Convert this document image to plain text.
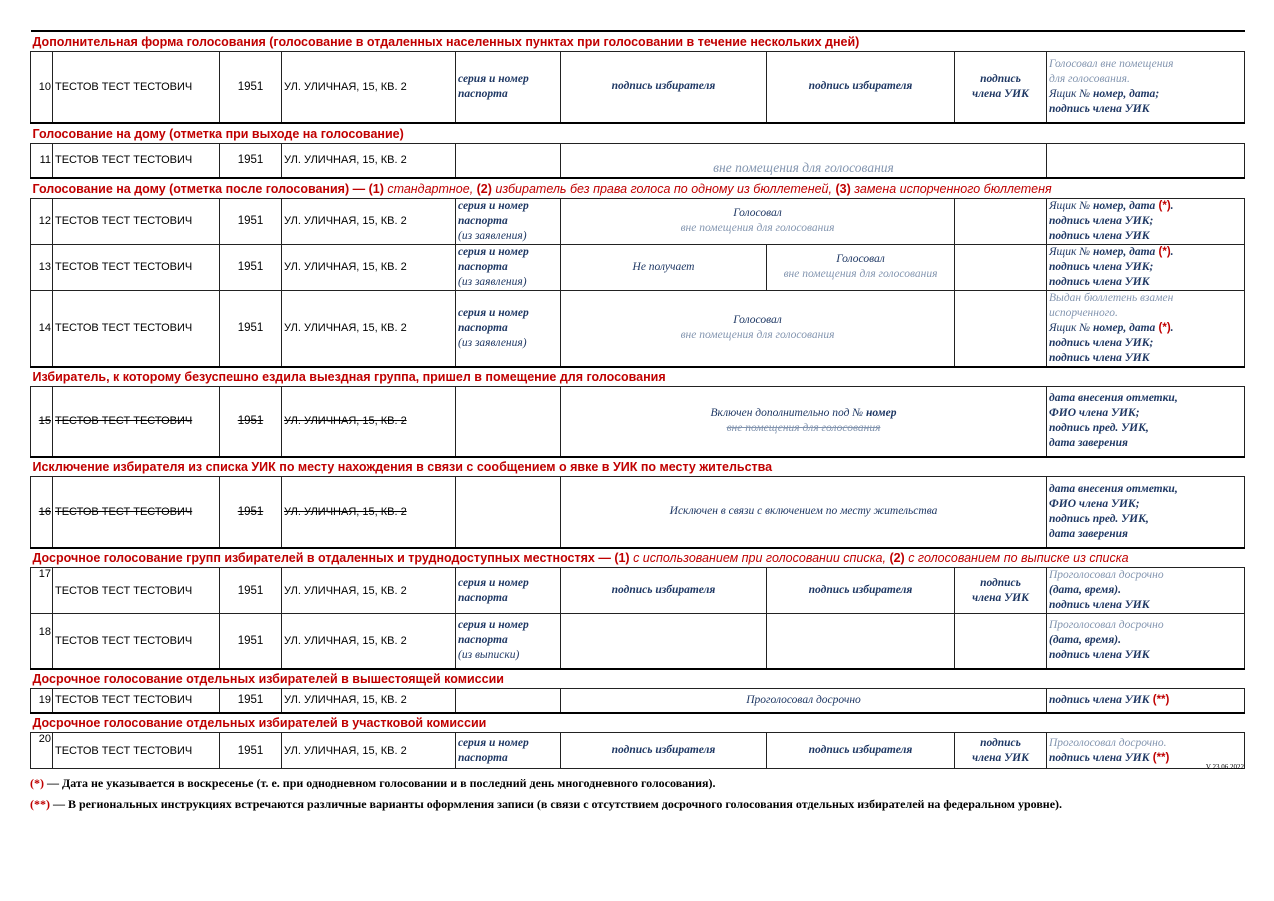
Дополнительная форма голосования (голосование в отдаленных населенных пунктах при голосовании в течение нескольких дней)								
10	ТЕСТОВ ТЕСТ ТЕСТОВИЧ	1951	УЛ. УЛИЧНАЯ, 15, КВ. 2	серия и номер
паспорта	подпись избирателя	подпись избирателя	подпись
члена УИК	Голосовал вне помещения
для голосования.
Ящик № номер, дата;
подпись члена УИК
Голосование на дому (отметка при выходе на голосование)								
11	ТЕСТОВ ТЕСТ ТЕСТОВИЧ	1951	УЛ. УЛИЧНАЯ, 15, КВ. 2		вне помещения для голосования			
Голосование на дому (отметка после голосования) — (1) стандартное, (2) избиратель без права голоса по одному из бюллетеней, (3) замена испорченного бюллетеня								
12	ТЕСТОВ ТЕСТ ТЕСТОВИЧ	1951	УЛ. УЛИЧНАЯ, 15, КВ. 2	серия и номер
паспорта
(из заявления)	Голосовал
вне помещения для голосования			Ящик № номер, дата (*).
подпись члена УИК;
подпись члена УИК
13	ТЕСТОВ ТЕСТ ТЕСТОВИЧ	1951	УЛ. УЛИЧНАЯ, 15, КВ. 2	серия и номер
паспорта
(из заявления)	Не получает	Голосовал
вне помещения для голосования		Ящик № номер, дата (*).
подпись члена УИК;
подпись члена УИК
14	ТЕСТОВ ТЕСТ ТЕСТОВИЧ	1951	УЛ. УЛИЧНАЯ, 15, КВ. 2	серия и номер
паспорта
(из заявления)	Голосовал
вне помещения для голосования			Выдан бюллетень взамен
испорченного.
Ящик № номер, дата (*).
подпись члена УИК;
подпись члена УИК
Избиратель, к которому безуспешно ездила выездная группа, пришел в помещение для голосования								
15	ТЕСТОВ ТЕСТ ТЕСТОВИЧ	1951	УЛ. УЛИЧНАЯ, 15, КВ. 2		Включен дополнительно под № номер
вне помещения для голосования			дата внесения отметки,
ФИО члена УИК;
подпись пред. УИК,
дата заверения
Исключение избирателя из списка УИК по месту нахождения в связи с сообщением о явке в УИК по месту жительства								
16	ТЕСТОВ ТЕСТ ТЕСТОВИЧ	1951	УЛ. УЛИЧНАЯ, 15, КВ. 2		Исключен в связи с включением по месту жительства			дата внесения отметки,
ФИО члена УИК;
подпись пред. УИК,
дата заверения
Досрочное голосование групп избирателей в отдаленных и труднодоступных местностях — (1) с использованием при голосовании списка, (2) с голосованием по выписке из списка								
17	ТЕСТОВ ТЕСТ ТЕСТОВИЧ	1951	УЛ. УЛИЧНАЯ, 15, КВ. 2	серия и номер
паспорта	подпись избирателя	подпись избирателя	подпись
члена УИК	Проголосовал досрочно
(дата, время).
подпись члена УИК
18	ТЕСТОВ ТЕСТ ТЕСТОВИЧ	1951	УЛ. УЛИЧНАЯ, 15, КВ. 2	серия и номер
паспорта
(из выписки)				Проголосовал досрочно
(дата, время).
подпись члена УИК
Досрочное голосование отдельных избирателей в вышестоящей комиссии								
19	ТЕСТОВ ТЕСТ ТЕСТОВИЧ	1951	УЛ. УЛИЧНАЯ, 15, КВ. 2		Проголосовал досрочно			подпись члена УИК (**)
Досрочное голосование отдельных избирателей в участковой комиссии								
20	ТЕСТОВ ТЕСТ ТЕСТОВИЧ	1951	УЛ. УЛИЧНАЯ, 15, КВ. 2	серия и номер
паспорта	подпись избирателя	подпись избирателя	подпись
члена УИК	Проголосовал досрочно.
подпись члена УИК (**)
V 23.06.2022
(*) — Дата не указывается в воскресенье (т. е. при однодневном голосовании и в последний день многодневного голосования).
(**) — В региональных инструкциях встречаются различные варианты оформления записи (в связи с отсутствием досрочного голосования отдельных избирателей на федеральном уровне).
